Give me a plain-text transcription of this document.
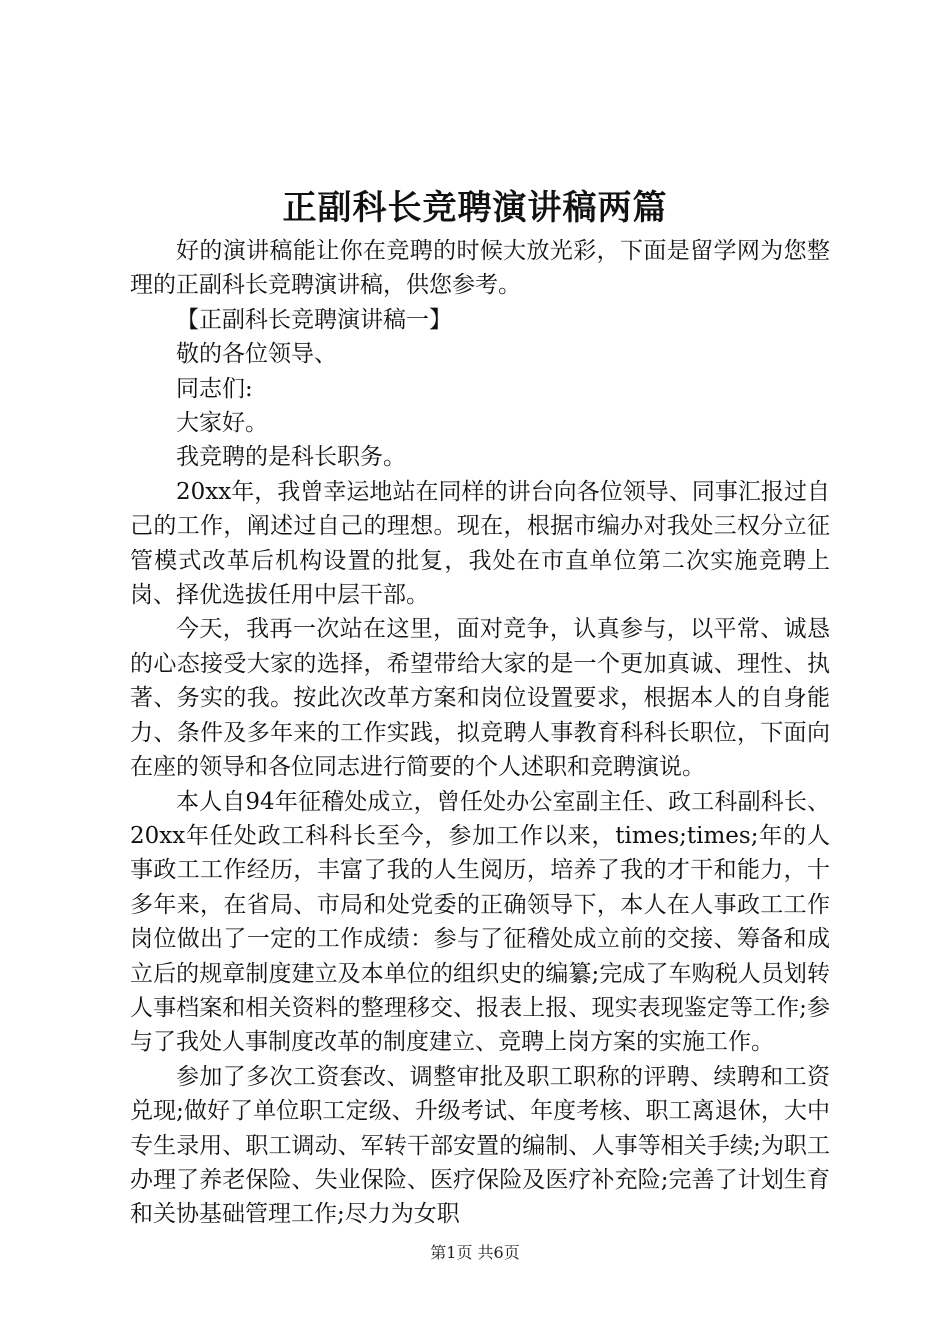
正副科长竞聘演讲稿两篇

好的演讲稿能让你在竞聘的时候大放光彩，下面是留学网为您整理的正副科长竞聘演讲稿，供您参考。

【正副科长竞聘演讲稿一】

敬的各位领导、

同志们:

大家好。

我竞聘的是科长职务。

20xx年，我曾幸运地站在同样的讲台向各位领导、同事汇报过自己的工作，阐述过自己的理想。现在，根据市编办对我处三权分立征管模式改革后机构设置的批复，我处在市直单位第二次实施竞聘上岗、择优选拔任用中层干部。

今天，我再一次站在这里，面对竞争，认真参与，以平常、诚恳的心态接受大家的选择，希望带给大家的是一个更加真诚、理性、执著、务实的我。按此次改革方案和岗位设置要求，根据本人的自身能力、条件及多年来的工作实践，拟竞聘人事教育科科长职位，下面向在座的领导和各位同志进行简要的个人述职和竞聘演说。

本人自94年征稽处成立，曾任处办公室副主任、政工科副科长、20xx年任处政工科科长至今，参加工作以来，times;times;年的人事政工工作经历，丰富了我的人生阅历，培养了我的才干和能力，十多年来，在省局、市局和处党委的正确领导下，本人在人事政工工作岗位做出了一定的工作成绩：参与了征稽处成立前的交接、筹备和成立后的规章制度建立及本单位的组织史的编纂;完成了车购税人员划转人事档案和相关资料的整理移交、报表上报、现实表现鉴定等工作;参与了我处人事制度改革的制度建立、竞聘上岗方案的实施工作。

参加了多次工资套改、调整审批及职工职称的评聘、续聘和工资兑现;做好了单位职工定级、升级考试、年度考核、职工离退休，大中专生录用、职工调动、军转干部安置的编制、人事等相关手续;为职工办理了养老保险、失业保险、医疗保险及医疗补充险;完善了计划生育和关协基础管理工作;尽力为女职

第1页 共6页
